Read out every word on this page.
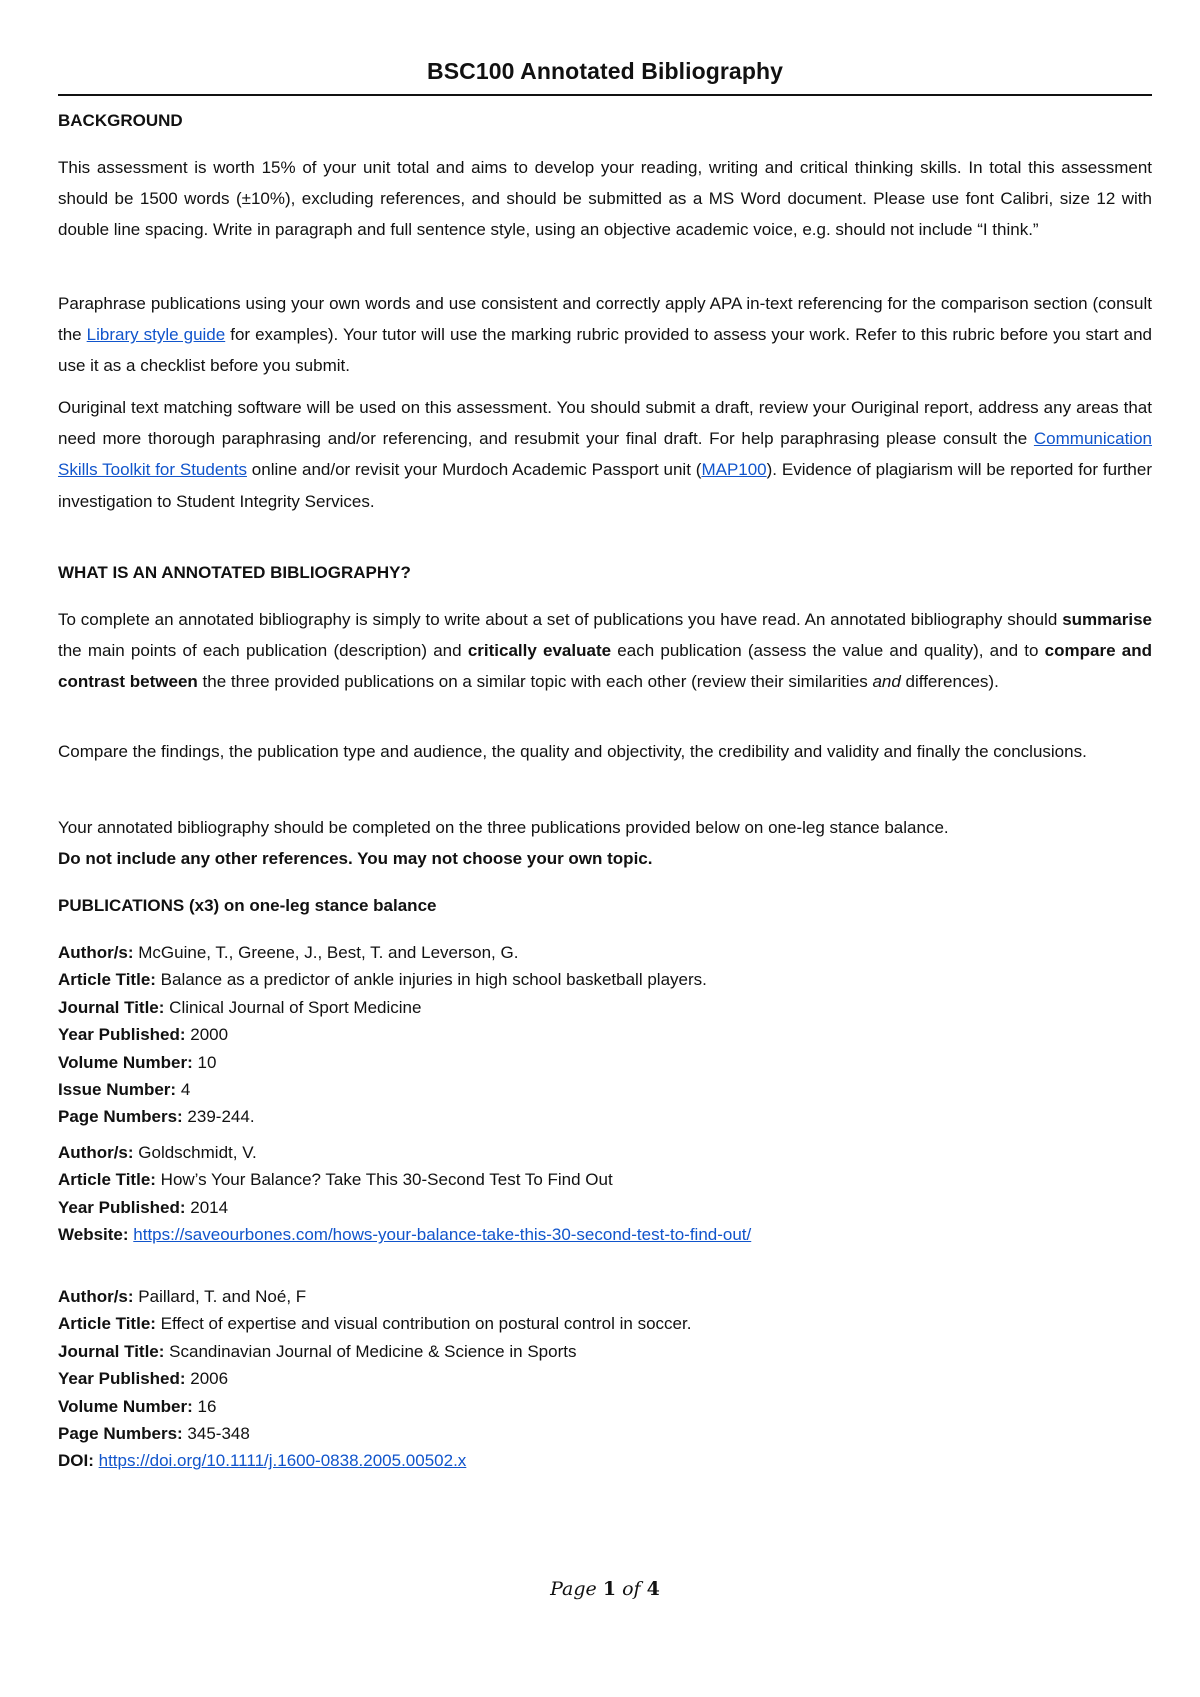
BSC100 Annotated Bibliography
BACKGROUND
This assessment is worth 15% of your unit total and aims to develop your reading, writing and critical thinking skills. In total this assessment should be 1500 words (±10%), excluding references, and should be submitted as a MS Word document. Please use font Calibri, size 12 with double line spacing. Write in paragraph and full sentence style, using an objective academic voice, e.g. should not include “I think.”
Paraphrase publications using your own words and use consistent and correctly apply APA in-text referencing for the comparison section (consult the Library style guide for examples). Your tutor will use the marking rubric provided to assess your work. Refer to this rubric before you start and use it as a checklist before you submit.
Ouriginal text matching software will be used on this assessment. You should submit a draft, review your Ouriginal report, address any areas that need more thorough paraphrasing and/or referencing, and resubmit your final draft. For help paraphrasing please consult the Communication Skills Toolkit for Students online and/or revisit your Murdoch Academic Passport unit (MAP100). Evidence of plagiarism will be reported for further investigation to Student Integrity Services.
WHAT IS AN ANNOTATED BIBLIOGRAPHY?
To complete an annotated bibliography is simply to write about a set of publications you have read. An annotated bibliography should summarise the main points of each publication (description) and critically evaluate each publication (assess the value and quality), and to compare and contrast between the three provided publications on a similar topic with each other (review their similarities and differences).
Compare the findings, the publication type and audience, the quality and objectivity, the credibility and validity and finally the conclusions.
Your annotated bibliography should be completed on the three publications provided below on one-leg stance balance.
Do not include any other references. You may not choose your own topic.
PUBLICATIONS (x3) on one-leg stance balance
Author/s: McGuine, T., Greene, J., Best, T. and Leverson, G.
Article Title: Balance as a predictor of ankle injuries in high school basketball players.
Journal Title: Clinical Journal of Sport Medicine
Year Published: 2000
Volume Number: 10
Issue Number: 4
Page Numbers: 239-244.
Author/s: Goldschmidt, V.
Article Title: How’s Your Balance? Take This 30-Second Test To Find Out
Year Published: 2014
Website: https://saveourbones.com/hows-your-balance-take-this-30-second-test-to-find-out/
Author/s: Paillard, T. and Noé, F
Article Title: Effect of expertise and visual contribution on postural control in soccer.
Journal Title: Scandinavian Journal of Medicine & Science in Sports
Year Published: 2006
Volume Number: 16
Page Numbers: 345-348
DOI: https://doi.org/10.1111/j.1600-0838.2005.00502.x
Page 1 of 4
